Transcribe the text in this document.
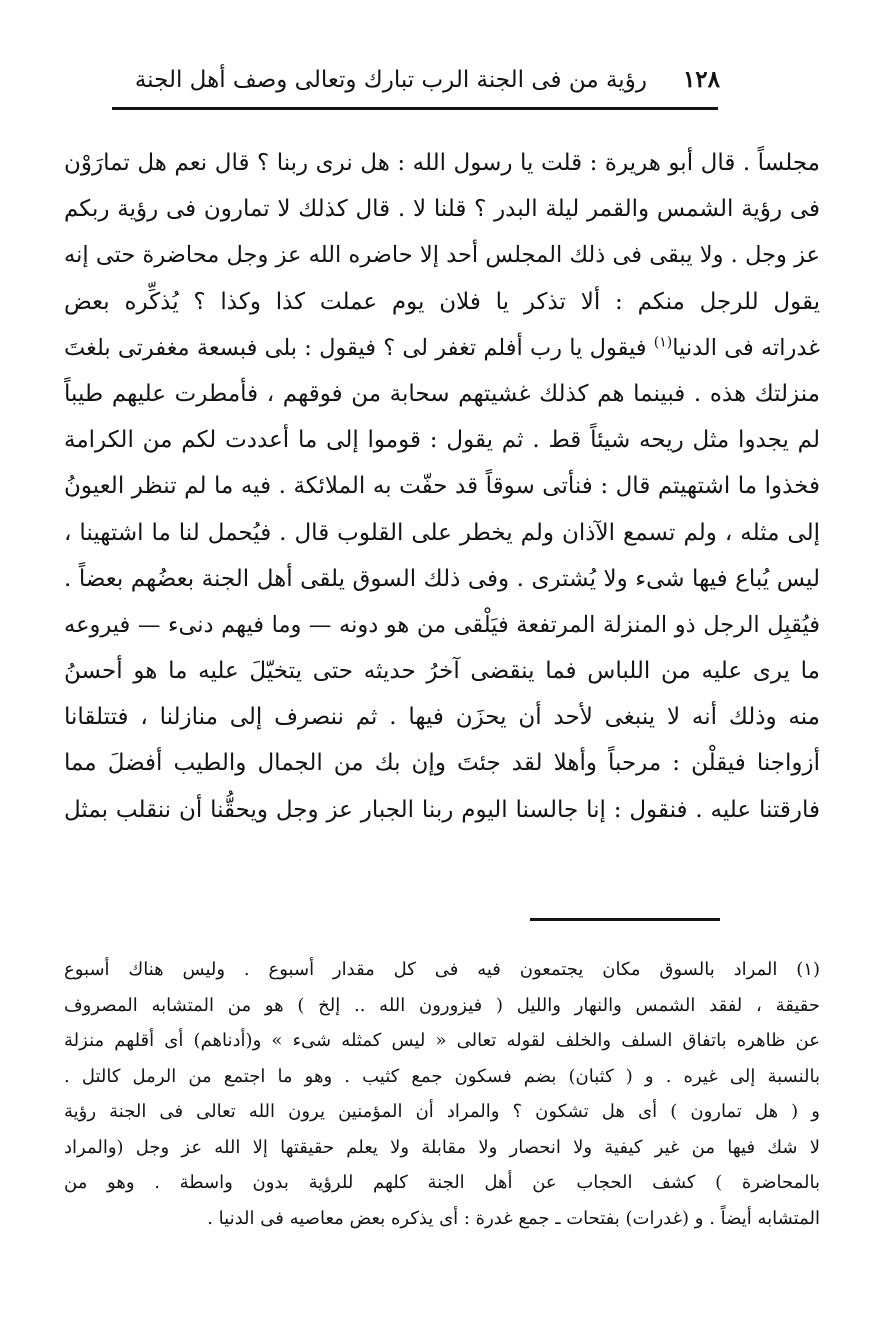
١٢٨
رؤية من فى الجنة الرب تبارك وتعالى وصف أهل الجنة
مجلساً . قال أبو هريرة : قلت يا رسول الله : هل نرى ربنا ؟ قال نعم هل تمارَوْن
فى رؤية الشمس والقمر ليلة البدر ؟ قلنا لا . قال كذلك لا تمارون فى رؤية ربكم
عز وجل . ولا يبقى فى ذلك المجلس أحد إلا حاضره الله عز وجل محاضرة حتى إنه
يقول للرجل منكم : ألا تذكر يا فلان يوم عملت كذا وكذا ؟ يُذكِّره بعض
غدراته فى الدنيا$^{(١)}$ فيقول يا رب أفلم تغفر لى ؟ فيقول : بلى فبسعة مغفرتى بلغتَ
منزلتك هذه . فبينما هم كذلك غشيتهم سحابة من فوقهم ، فأمطرت عليهم طيباً
لم يجدوا مثل ريحه شيئاً قط . ثم يقول : قوموا إلى ما أعددت لكم من الكرامة
فخذوا ما اشتهيتم قال : فنأتى سوقاً قد حفّت به الملائكة . فيه ما لم تنظر العيونُ
إلى مثله ، ولم تسمع الآذان ولم يخطر على القلوب قال . فيُحمل لنا ما اشتهينا ،
ليس يُباع فيها شىء ولا يُشترى . وفى ذلك السوق يلقى أهل الجنة بعضُهم بعضاً .
فيُقبِل الرجل ذو المنزلة المرتفعة فيَلْقى من هو دونه — وما فيهم دنىء — فيروعه
ما يرى عليه من اللباس فما ينقضى آخرُ حديثه حتى يتخيّلَ عليه ما هو أحسنُ
منه وذلك أنه لا ينبغى لأحد أن يحزَن فيها . ثم ننصرف إلى منازلنا ، فتتلقانا
أزواجنا فيقلْن : مرحباً وأهلا لقد جئتَ وإن بك من الجمال والطيب أفضلَ مما
فارقتنا عليه . فنقول : إنا جالسنا اليوم ربنا الجبار عز وجل ويحقُّنا أن ننقلب بمثل
(١) المراد بالسوق مكان يجتمعون فيه فى كل مقدار أسبوع . وليس هناك أسبوع
حقيقة ، لفقد الشمس والنهار والليل ( فيزورون الله .. إلخ ) هو من المتشابه المصروف
عن ظاهره باتفاق السلف والخلف لقوله تعالى « ليس كمثله شىء » و(أدناهم) أى أقلهم منزلة
بالنسبة إلى غيره . و ( كثبان) بضم فسكون جمع كثيب . وهو ما اجتمع من الرمل كالتل .
و ( هل تمارون ) أى هل تشكون ؟ والمراد أن المؤمنين يرون الله تعالى فى الجنة رؤية
لا شك فيها من غير كيفية ولا انحصار ولا مقابلة ولا يعلم حقيقتها إلا الله عز وجل (والمراد
بالمحاضرة ) كشف الحجاب عن أهل الجنة كلهم للرؤية بدون واسطة . وهو من
المتشابه أيضاً . و (غدرات) بفتحات ـ جمع غدرة : أى يذكره بعض معاصيه فى الدنيا .
